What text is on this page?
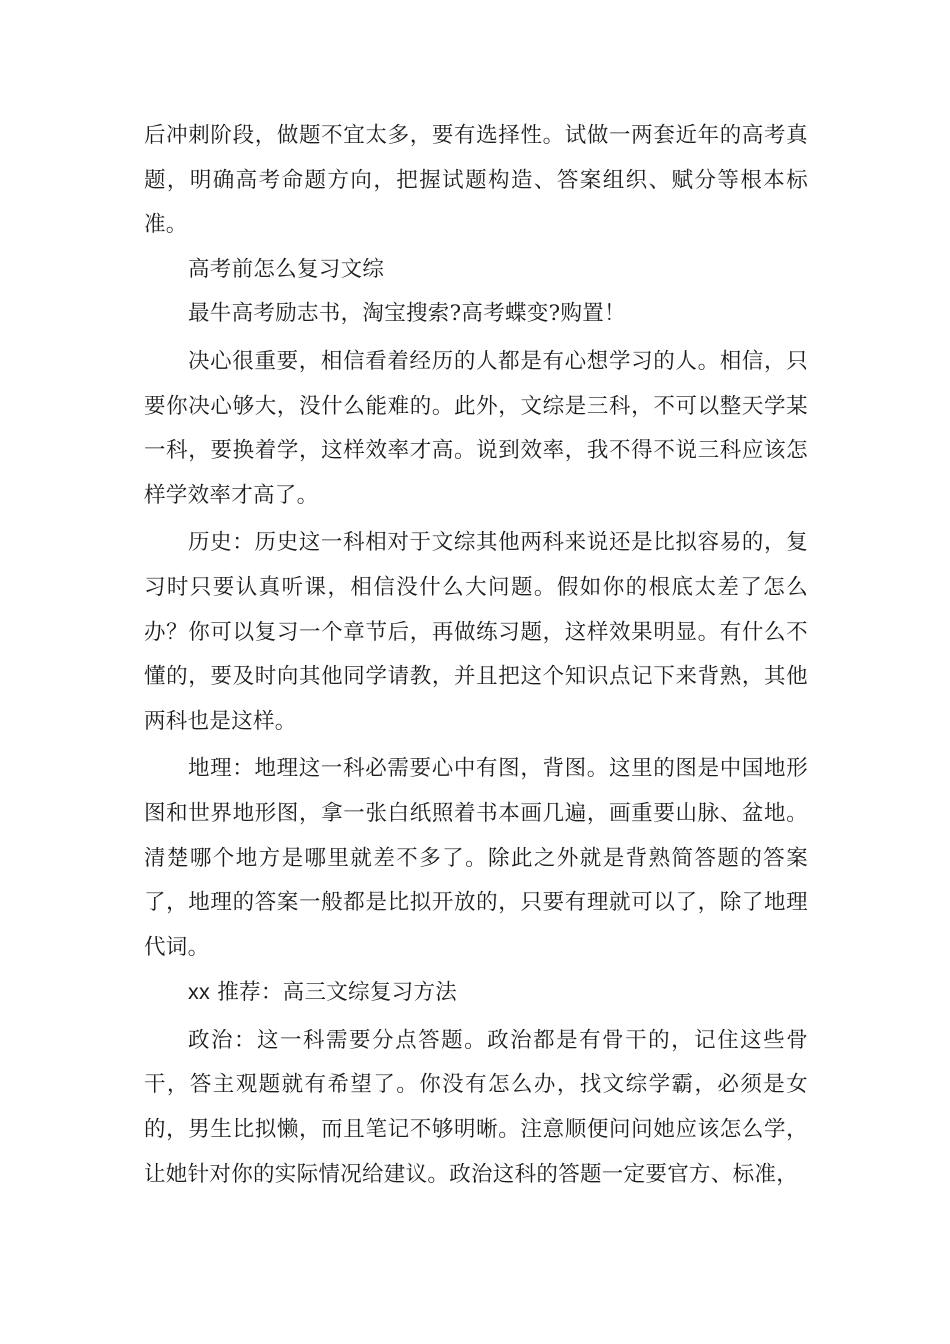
后冲刺阶段，做题不宜太多，要有选择性。试做一两套近年的高考真题，明确高考命题方向，把握试题构造、答案组织、赋分等根本标准。

高考前怎么复习文综

最牛高考励志书，淘宝搜索?高考蝶变?购置！

决心很重要，相信看着经历的人都是有心想学习的人。相信，只要你决心够大，没什么能难的。此外，文综是三科，不可以整天学某一科，要换着学，这样效率才高。说到效率，我不得不说三科应该怎样学效率才高了。

历史：历史这一科相对于文综其他两科来说还是比拟容易的，复习时只要认真听课，相信没什么大问题。假如你的根底太差了怎么办？你可以复习一个章节后，再做练习题，这样效果明显。有什么不懂的，要及时向其他同学请教，并且把这个知识点记下来背熟，其他两科也是这样。

地理：地理这一科必需要心中有图，背图。这里的图是中国地形图和世界地形图，拿一张白纸照着书本画几遍，画重要山脉、盆地。清楚哪个地方是哪里就差不多了。除此之外就是背熟简答题的答案了，地理的答案一般都是比拟开放的，只要有理就可以了，除了地理代词。

xx 推荐：高三文综复习方法

政治：这一科需要分点答题。政治都是有骨干的，记住这些骨干，答主观题就有希望了。你没有怎么办，找文综学霸，必须是女的，男生比拟懒，而且笔记不够明晰。注意顺便问问她应该怎么学，让她针对你的实际情况给建议。政治这科的答题一定要官方、标准，
